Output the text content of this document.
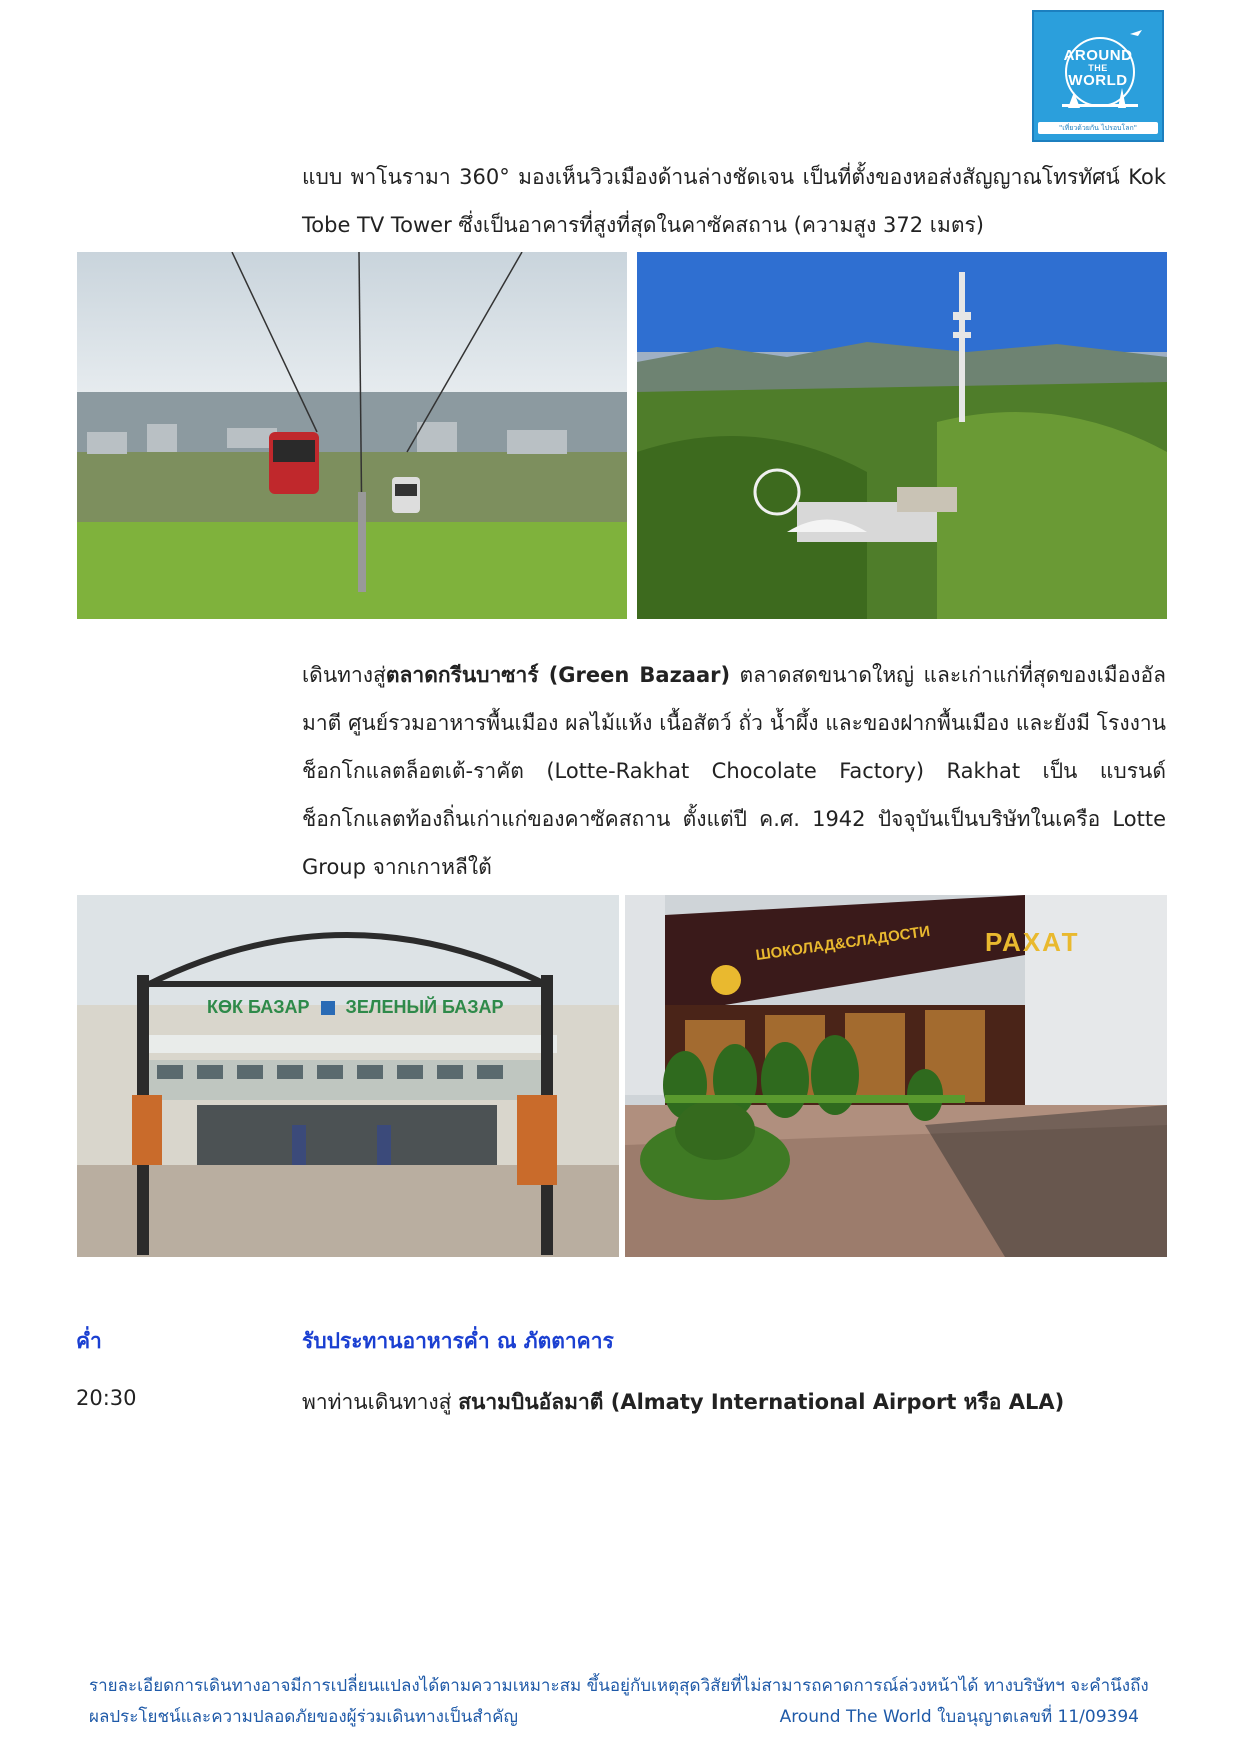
AROUND
THE
WORLD
"เที่ยวด้วยกัน ไปรอบโลก"

แบบ พาโนรามา 360° มองเห็นวิวเมืองด้านล่างชัดเจน เป็นที่ตั้งของหอส่งสัญญาณโทรทัศน์ Kok Tobe TV Tower ซึ่งเป็นอาคารที่สูงที่สุดในคาซัคสถาน (ความสูง 372 เมตร)

เดินทางสู่ตลาดกรีนบาซาร์ (Green Bazaar) ตลาดสดขนาดใหญ่ และเก่าแก่ที่สุดของเมืองอัลมาตี ศูนย์รวมอาหารพื้นเมือง ผลไม้แห้ง เนื้อสัตว์ ถั่ว น้ำผึ้ง และของฝากพื้นเมือง และยังมี โรงงานช็อกโกแลตล็อตเต้-ราคัต (Lotte-Rakhat Chocolate Factory) Rakhat เป็น แบรนด์ช็อกโกแลตท้องถิ่นเก่าแก่ของคาซัคสถาน ตั้งแต่ปี ค.ศ. 1942 ปัจจุบันเป็นบริษัทในเครือ Lotte Group จากเกาหลีใต้

КӨК БАЗАР ЗЕЛЕНЫЙ БАЗАР
ШОКОЛАД&СЛАДОСТИ РАХАТ
ค่ำ	รับประทานอาหารค่ำ ณ ภัตตาคาร
20:30	พาท่านเดินทางสู่ สนามบินอัลมาตี (Almaty International Airport หรือ ALA)
รายละเอียดการเดินทางอาจมีการเปลี่ยนแปลงได้ตามความเหมาะสม ขึ้นอยู่กับเหตุสุดวิสัยที่ไม่สามารถคาดการณ์ล่วงหน้าได้ ทางบริษัทฯ จะคำนึงถึง
ผลประโยชน์และความปลอดภัยของผู้ร่วมเดินทางเป็นสำคัญ	Around The World ใบอนุญาตเลขที่ 11/09394
